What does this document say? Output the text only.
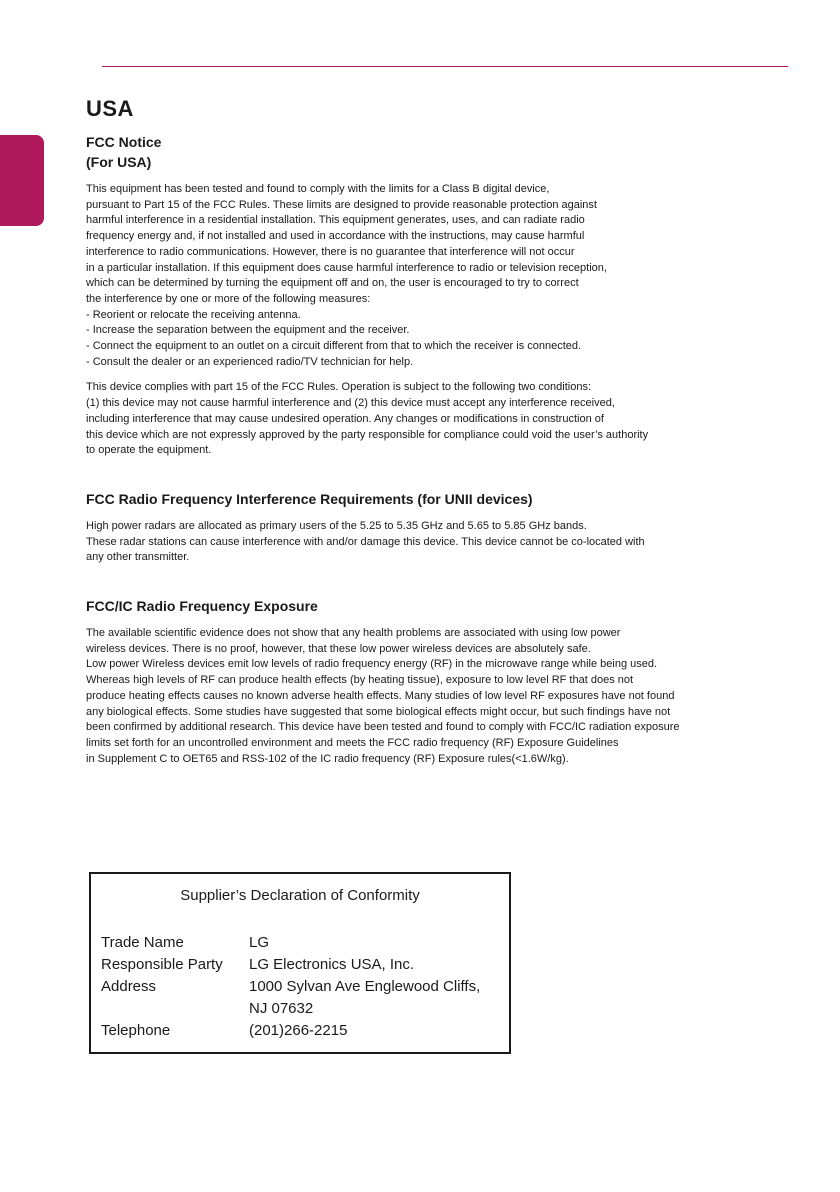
USA
FCC Notice
(For USA)

This equipment has been tested and found to comply with the limits for a Class B digital device,

pursuant to Part 15 of the FCC Rules. These limits are designed to provide reasonable protection against

harmful interference in a residential installation. This equipment generates, uses, and can radiate radio

frequency energy and, if not installed and used in accordance with the instructions, may cause harmful

interference to radio communications. However, there is no guarantee that interference will not occur

in a particular installation. If this equipment does cause harmful interference to radio or television reception,

which can be determined by turning the equipment off and on, the user is encouraged to try to correct

the interference by one or more of the following measures:

- Reorient or relocate the receiving antenna.

- Increase the separation between the equipment and the receiver.

- Connect the equipment to an outlet on a circuit different from that to which the receiver is connected.

- Consult the dealer or an experienced radio/TV technician for help.

This device complies with part 15 of the FCC Rules. Operation is subject to the following two conditions:

(1) this device may not cause harmful interference and (2) this device must accept any interference received,

including interference that may cause undesired operation. Any changes or modifications in construction of

this device which are not expressly approved by the party responsible for compliance could void the user’s authority

to operate the equipment.

FCC Radio Frequency Interference Requirements (for UNII devices)

High power radars are allocated as primary users of the 5.25 to 5.35 GHz and 5.65 to 5.85 GHz bands.

These radar stations can cause interference with and/or damage this device. This device cannot be co-located with

any other transmitter.

FCC/IC Radio Frequency Exposure

The available scientific evidence does not show that any health problems are associated with using low power

wireless devices. There is no proof, however, that these low power wireless devices are absolutely safe.

Low power Wireless devices emit low levels of radio frequency energy (RF) in the microwave range while being used.

Whereas high levels of RF can produce health effects (by heating tissue), exposure to low level RF that does not

produce heating effects causes no known adverse health effects. Many studies of low level RF exposures have not found

any biological effects. Some studies have suggested that some biological effects might occur, but such findings have not

been confirmed by additional research. This device have been tested and found to comply with FCC/IC radiation exposure

limits set forth for an uncontrolled environment and meets the FCC radio frequency (RF) Exposure Guidelines

in Supplement C to OET65 and RSS-102 of the IC radio frequency (RF) Exposure rules(<1.6W/kg).

Supplier’s Declaration of Conformity
Trade Name	LG
Responsible Party	LG Electronics USA, Inc.
Address	1000 Sylvan Ave Englewood Cliffs,
NJ 07632
Telephone	(201)266-2215
